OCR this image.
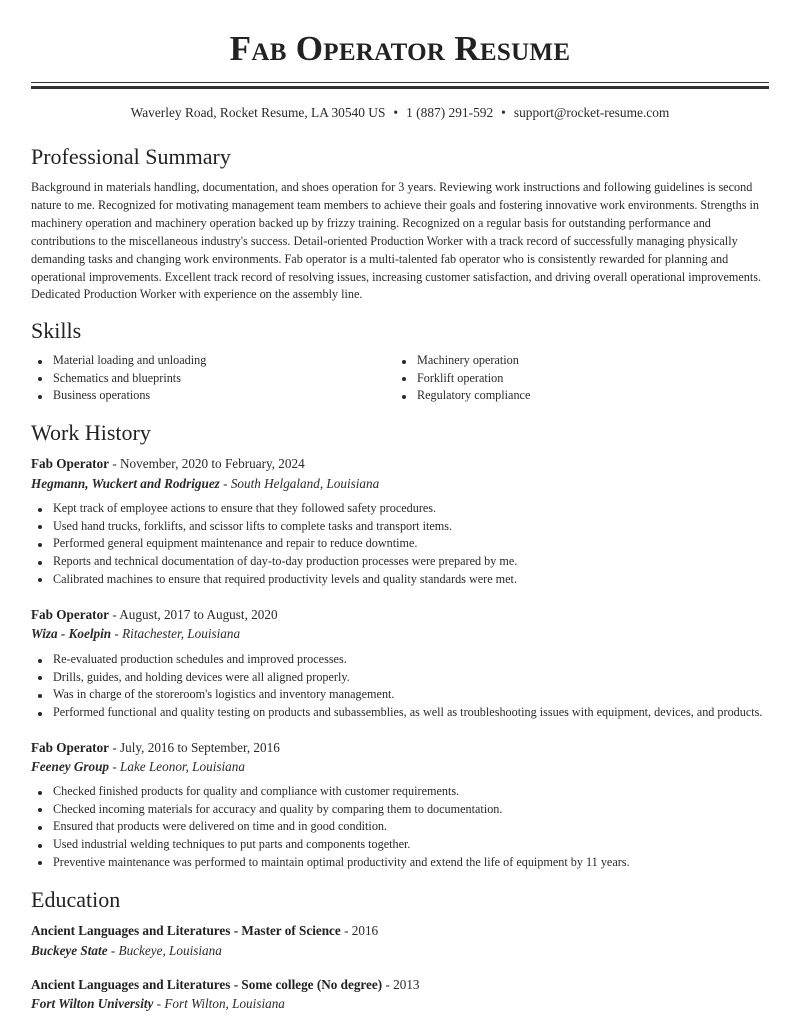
Fab Operator Resume
Waverley Road, Rocket Resume, LA 30540 US • 1 (887) 291-592 • support@rocket-resume.com
Professional Summary

Background in materials handling, documentation, and shoes operation for 3 years. Reviewing work instructions and following guidelines is second nature to me. Recognized for motivating management team members to achieve their goals and fostering innovative work environments. Strengths in machinery operation and machinery operation backed up by frizzy training. Recognized on a regular basis for outstanding performance and contributions to the miscellaneous industry's success. Detail-oriented Production Worker with a track record of successfully managing physically demanding tasks and changing work environments. Fab operator is a multi-talented fab operator who is consistently rewarded for planning and operational improvements. Excellent track record of resolving issues, increasing customer satisfaction, and driving overall operational improvements. Dedicated Production Worker with experience on the assembly line.

Skills
Material loading and unloading
Schematics and blueprints
Business operations
Machinery operation
Forklift operation
Regulatory compliance
Work History
Fab Operator - November, 2020 to February, 2024
Hegmann, Wuckert and Rodriguez - South Helgaland, Louisiana
Kept track of employee actions to ensure that they followed safety procedures.
Used hand trucks, forklifts, and scissor lifts to complete tasks and transport items.
Performed general equipment maintenance and repair to reduce downtime.
Reports and technical documentation of day-to-day production processes were prepared by me.
Calibrated machines to ensure that required productivity levels and quality standards were met.
Fab Operator - August, 2017 to August, 2020
Wiza - Koelpin - Ritachester, Louisiana
Re-evaluated production schedules and improved processes.
Drills, guides, and holding devices were all aligned properly.
Was in charge of the storeroom's logistics and inventory management.
Performed functional and quality testing on products and subassemblies, as well as troubleshooting issues with equipment, devices, and products.
Fab Operator - July, 2016 to September, 2016
Feeney Group - Lake Leonor, Louisiana
Checked finished products for quality and compliance with customer requirements.
Checked incoming materials for accuracy and quality by comparing them to documentation.
Ensured that products were delivered on time and in good condition.
Used industrial welding techniques to put parts and components together.
Preventive maintenance was performed to maintain optimal productivity and extend the life of equipment by 11 years.
Education
Ancient Languages and Literatures - Master of Science - 2016
Buckeye State - Buckeye, Louisiana
Ancient Languages and Literatures - Some college (No degree) - 2013
Fort Wilton University - Fort Wilton, Louisiana
